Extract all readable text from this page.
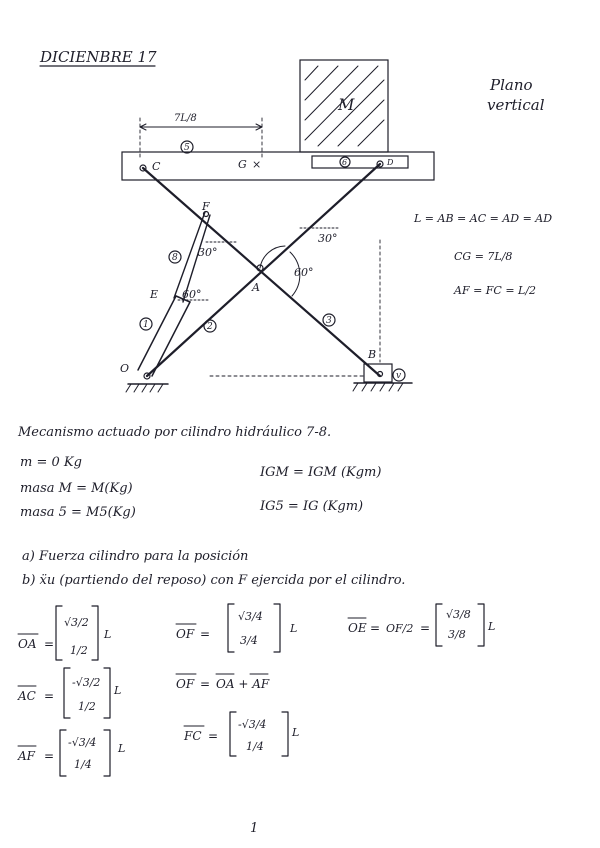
DICIENBRE 17
Plano
vertical
M
7L/8
C	G ×
F
E
A
O
B
5
6	D
8
1	2
3
v
30°
30°
60°
60°
L = AB = AC = AD = AD
CG = 7L/8
AF = FC = L/2
Mecanismo actuado por cilindro hidráulico 7-8.
m = 0 Kg
masa M = M(Kg)
IGM = IGM (Kgm)
masa 5 = M5(Kg)	IG5 = IG (Kgm)
a) Fuerza cilindro para la posición
b) ẍu (partiendo del reposo) con F ejercida por el cilindro.
OA =
√3/2
1/2
L	OF =
√3/4
3/4
L	OE = OF/2 =
√3/8
3/8
L
AC =
-√3/2
1/2
L	OF = OA + AF
AF =
-√3/4
1/4
L
FC =
-√3/4
1/4
L
1
